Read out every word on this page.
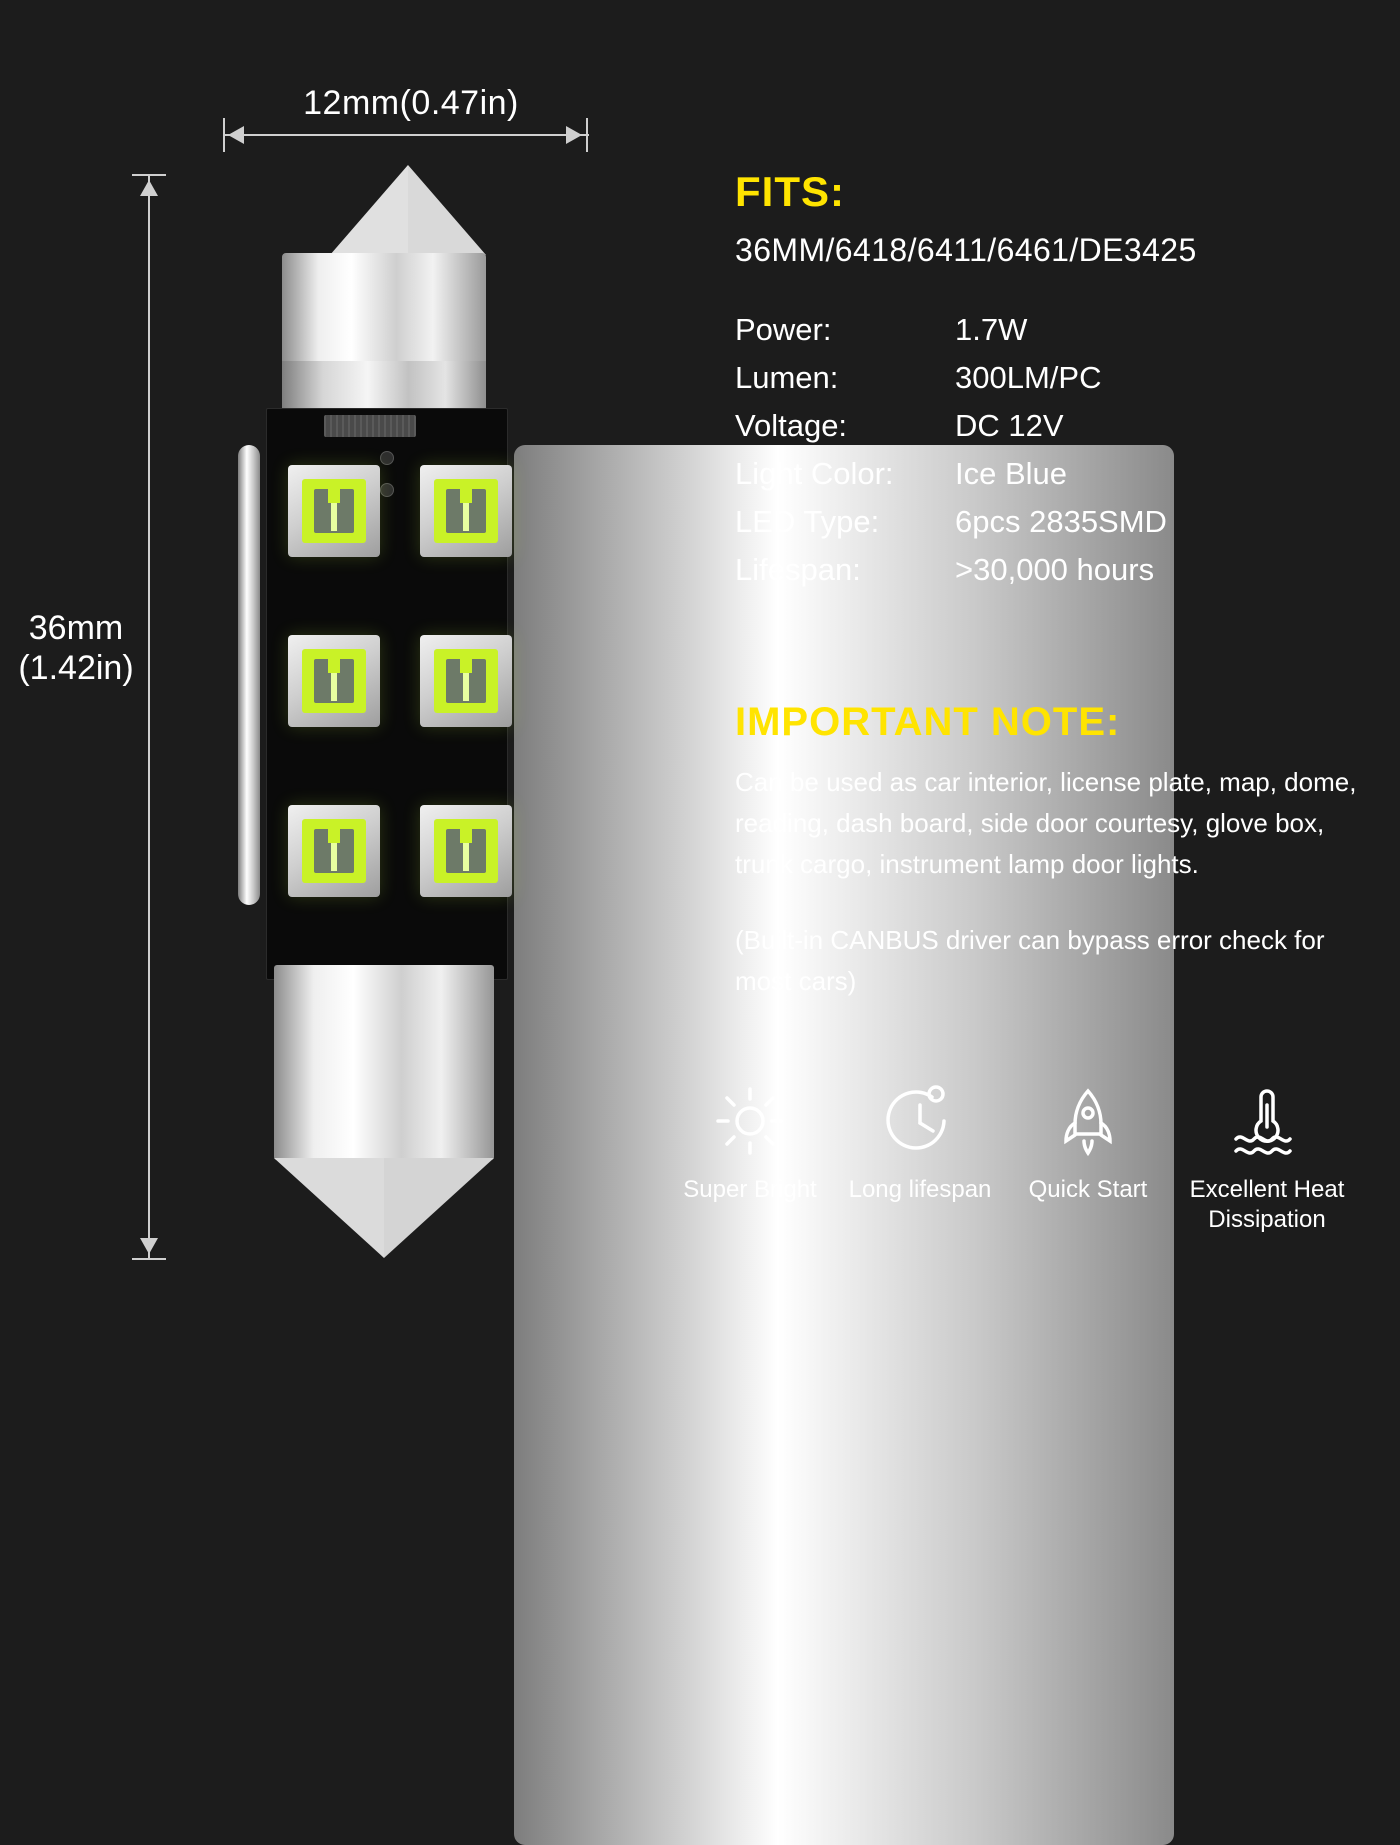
12mm(0.47in)
36mm
(1.42in)
FITS:
36MM/6418/6411/6461/DE3425
Power:	1.7W
Lumen:	300LM/PC
Voltage:	DC 12V
Light Color:	Ice Blue
LED Type:	6pcs 2835SMD
Lifespan:	>30,000 hours
IMPORTANT NOTE:
Can be used as car interior, license plate, map, dome, reading, dash board, side door courtesy, glove box, trunk cargo, instrument lamp door lights.
(Built-in CANBUS driver can bypass error check for most cars)
Super Bright	Long lifespan	Quick Start	Excellent Heat Dissipation
